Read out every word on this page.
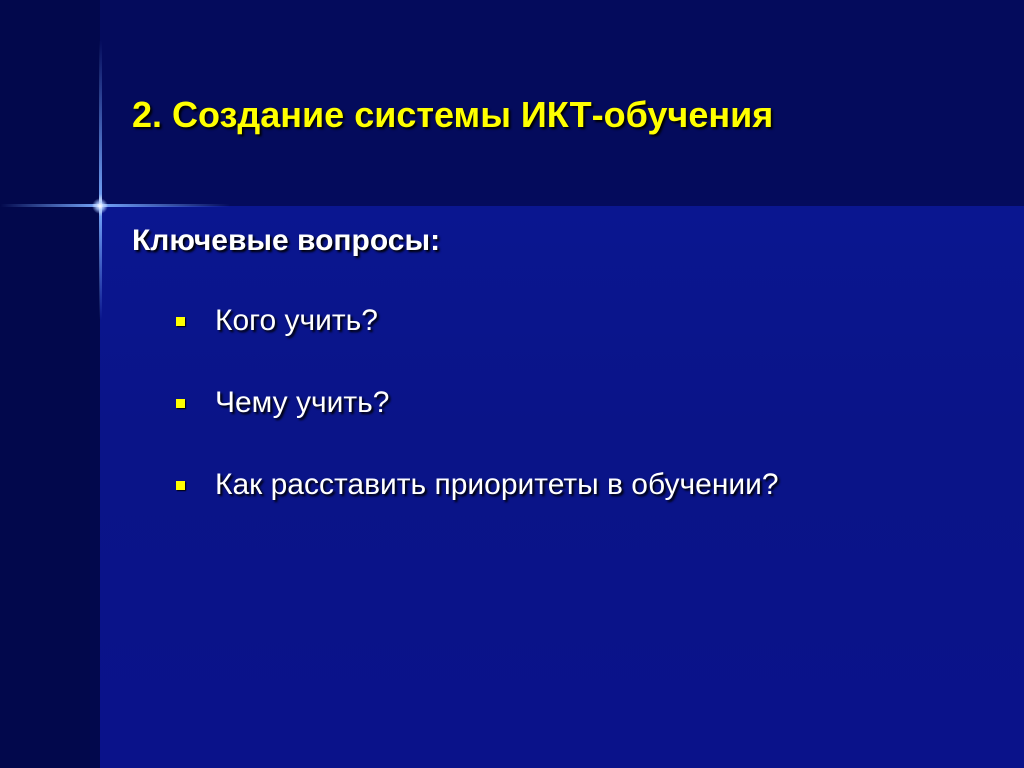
2. Создание системы ИКТ-обучения
Ключевые вопросы:
Кого учить?
Чему учить?
Как расставить приоритеты в обучении?
